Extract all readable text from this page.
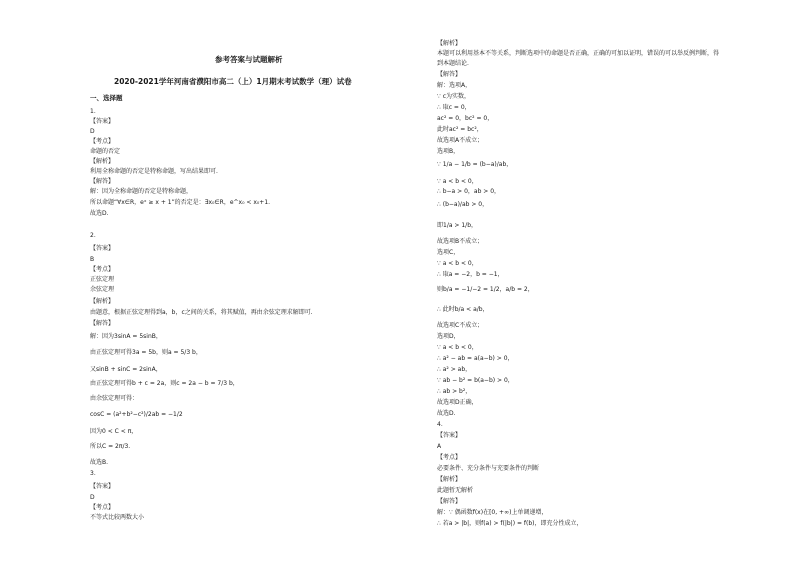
参考答案与试题解析
2020-2021学年河南省濮阳市高二（上）1月期末考试数学（理）试卷
一、选择题
1.
【答案】
D
【考点】
命题的否定
【解析】
利用全称命题的否定是特称命题，写出结果即可.
【解答】
解：因为全称命题的否定是特称命题，
所以命题“∀x∈R，eˣ ≥ x + 1”的否定是：∃x₀∈R，e^x₀ < x₀+1.
故选D.
2.
【答案】
B
【考点】
正弦定理
余弦定理
【解析】
由题意，根据正弦定理得到a，b，c之间的关系，将其赋值，再由余弦定理求解即可.
【解答】
解：因为3sinA = 5sinB，
由正弦定理可得3a = 5b，则a = 5/3 b，
又sinB + sinC = 2sinA，
由正弦定理可得b + c = 2a，则c = 2a − b = 7/3 b，
由余弦定理可得：
cosC = (a²+b²−c²)/2ab = −1/2
因为0 < C < π，
所以C = 2π/3.
故选B.
3.
【答案】
D
【考点】
不等式比较两数大小
【解析】
本题可以利用基本不等关系，判断选项中的命题是否正确，正确的可加以证明，错误的可以举反例判断，得
到本题结论.
【解答】
解：选项A，
∵ c为实数，
∴ 取c = 0，
ac² = 0，bc² = 0，
此时ac² = bc²，
故选项A不成立；
选项B，
∵ 1/a − 1/b = (b−a)/ab，
∵ a < b < 0，
∴ b−a > 0，ab > 0，
∴ (b−a)/ab > 0，
即1/a > 1/b，
故选项B不成立；
选项C，
∵ a < b < 0，
∴ 取a = −2，b = −1，
则b/a = −1/−2 = 1/2，a/b = 2，
∴ 此时b/a < a/b，
故选项C不成立；
选项D，
∵ a < b < 0，
∴ a² − ab = a(a−b) > 0，
∴ a² > ab，
∵ ab − b² = b(a−b) > 0，
∴ ab > b²，
故选项D正确，
故选D.
4.
【答案】
A
【考点】
必要条件、充分条件与充要条件的判断
【解析】
此题暂无解析
【解答】
解：∵ 偶函数f(x)在[0, +∞)上单调递增，
∴ 若a > |b|，则f(a) > f(|b|) = f(b)，即充分性成立，
